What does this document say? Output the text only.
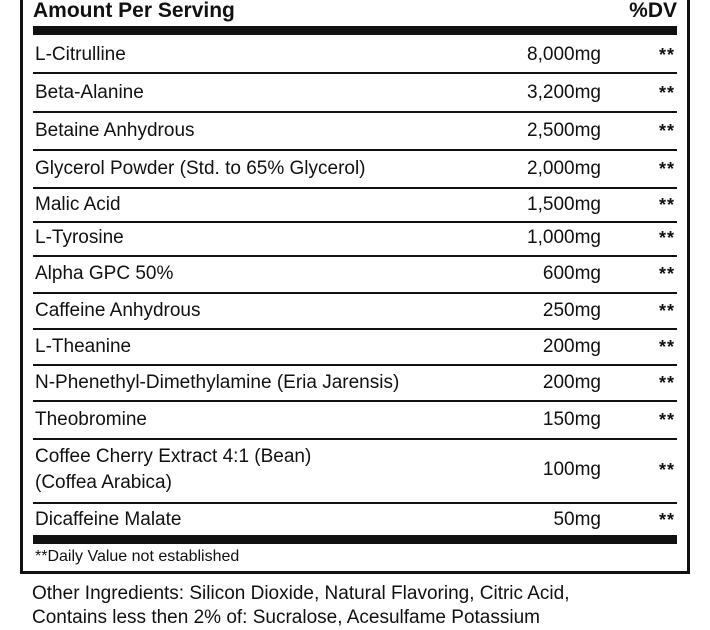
Amount Per Serving	%DV
L-Citrulline	8,000mg	**
Beta-Alanine	3,200mg	**
Betaine Anhydrous	2,500mg	**
Glycerol Powder (Std. to 65% Glycerol)	2,000mg	**
Malic Acid	1,500mg	**
L-Tyrosine	1,000mg	**
Alpha GPC 50%	600mg	**
Caffeine Anhydrous	250mg	**
L-Theanine	200mg	**
N-Phenethyl-Dimethylamine (Eria Jarensis)	200mg	**
Theobromine	150mg	**
Coffee Cherry Extract 4:1 (Bean)
(Coffea Arabica)
100mg	**
Dicaffeine Malate	50mg	**
**Daily Value not established
Other Ingredients: Silicon Dioxide, Natural Flavoring, Citric Acid,
Contains less then 2% of: Sucralose, Acesulfame Potassium
